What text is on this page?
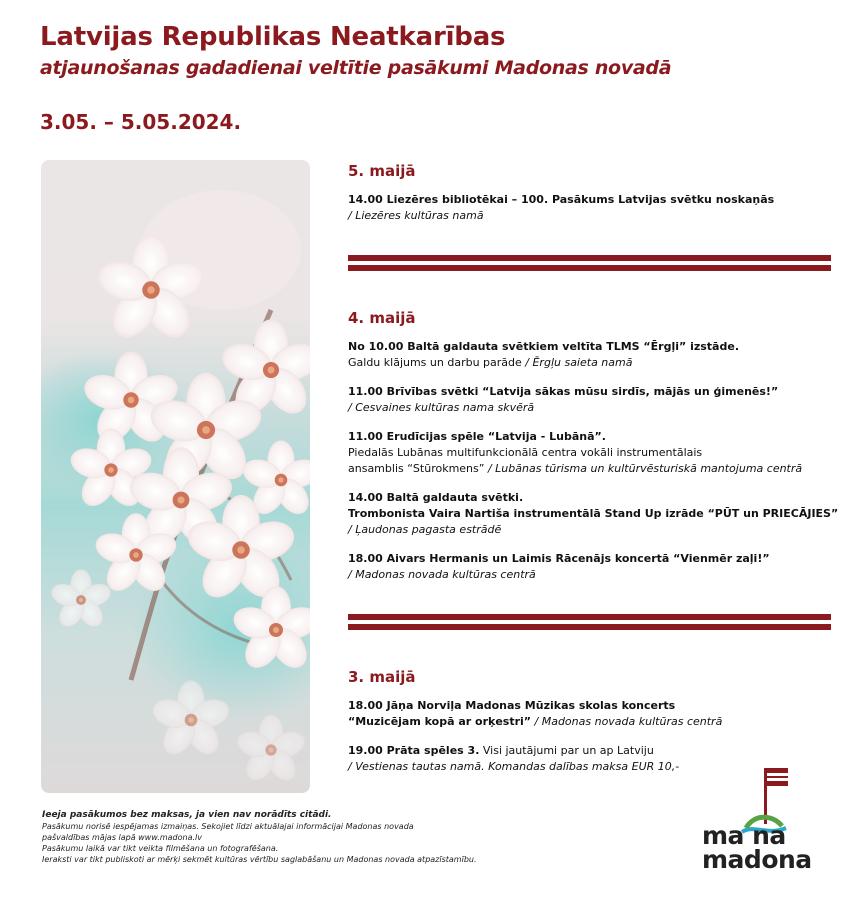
Latvijas Republikas Neatkarības
atjaunošanas gadadienai veltītie pasākumi Madonas novadā
3.05. – 5.05.2024.
5. maijā
14.00 Liezēres bibliotēkai – 100. Pasākums Latvijas svētku noskaņās
/ Liezēres kultūras namā
4. maijā
No 10.00 Baltā galdauta svētkiem veltīta TLMS “Ērgļi” izstāde.
Galdu klājums un darbu parāde / Ērgļu saieta namā
11.00 Brīvības svētki “Latvija sākas mūsu sirdīs, mājās un ģimenēs!”
/ Cesvaines kultūras nama skvērā
11.00 Erudīcijas spēle “Latvija - Lubānā”.
Piedalās Lubānas multifunkcionālā centra vokāli instrumentālais
ansamblis “Stūrokmens” / Lubānas tūrisma un kultūrvēsturiskā mantojuma centrā
14.00 Baltā galdauta svētki.
Trombonista Vaira Nartiša instrumentālā Stand Up izrāde “PŪT un PRIECĀJIES”
/ Ļaudonas pagasta estrādē
18.00 Aivars Hermanis un Laimis Rācenājs koncertā “Vienmēr zaļi!”
/ Madonas novada kultūras centrā
3. maijā
18.00 Jāņa Norviļa Madonas Mūzikas skolas koncerts
“Muzicējam kopā ar orķestri” / Madonas novada kultūras centrā
19.00 Prāta spēles 3. Visi jautājumi par un ap Latviju
/ Vestienas tautas namā. Komandas dalības maksa EUR 10,-
Ieeja pasākumos bez maksas, ja vien nav norādīts citādi.
Pasākumu norisē iespējamas izmaiņas. Sekojiet līdzi aktuālajai informācijai Madonas novada
pašvaldības mājas lapā www.madona.lv
Pasākumu laikā var tikt veikta filmēšana un fotografēšana.
Ieraksti var tikt publiskoti ar mērķi sekmēt kultūras vērtību saglabāšanu un Madonas novada atpazīstamību.
ma na
madona
